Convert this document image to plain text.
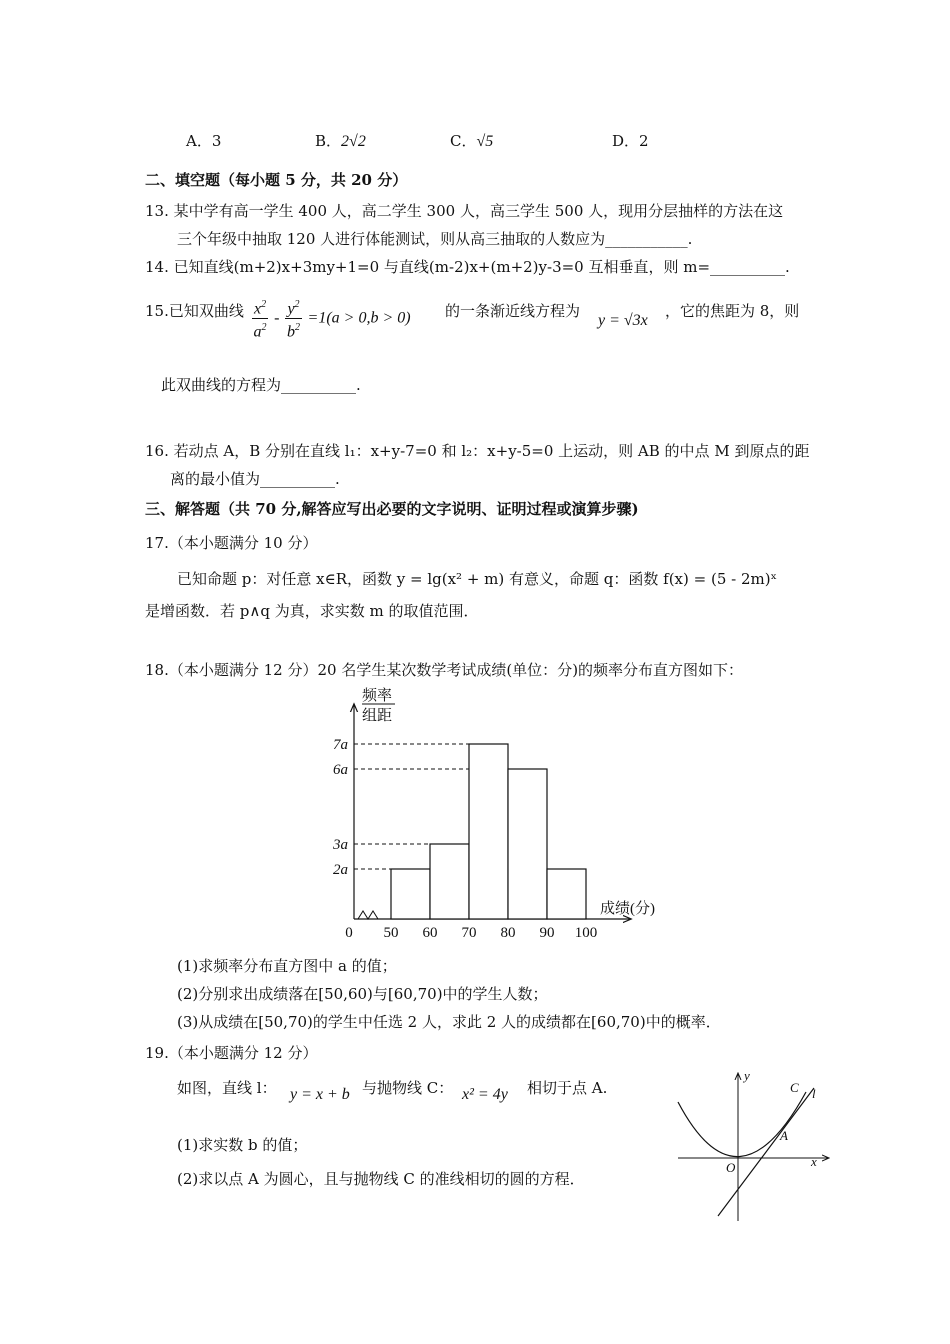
A．3	B．2√2	C．√5	D．2
二、填空题（每小题 5 分，共 20 分）
13. 某中学有高一学生 400 人，高二学生 300 人，高三学生 500 人，现用分层抽样的方法在这
三个年级中抽取 120 人进行体能测试，则从高三抽取的人数应为___________.
14. 已知直线(m+2)x+3my+1=0 与直线(m-2)x+(m+2)y-3=0 互相垂直，则 m=__________.
15.已知双曲线 $\frac{x^2}{a^2} - \frac{y^2}{b^2} =1(a > 0,b > 0)$ 的一条渐近线方程为
y = √3x
，它的焦距为 8，则
此双曲线的方程为__________.
16. 若动点 A，B 分别在直线 l₁：x+y-7=0 和 l₂：x+y-5=0 上运动，则 AB 的中点 M 到原点的距
离的最小值为__________.
三、解答题（共 70 分,解答应写出必要的文字说明、证明过程或演算步骤)
17.（本小题满分 10 分）
已知命题 p：对任意 x∈R，函数 y = lg(x² + m) 有意义，命题 q：函数 f(x) = (5 - 2m)ˣ
是增函数．若 p∧q 为真，求实数 m 的取值范围．
18.（本小题满分 12 分）20 名学生某次数学考试成绩(单位：分)的频率分布直方图如下：
频率
组距
成绩(分)
2a
3a
6a
7a
0 50 60 70 80 90 100
(1)求频率分布直方图中 a 的值；
(2)分别求出成绩落在[50,60)与[60,70)中的学生人数；
(3)从成绩在[50,70)的学生中任选 2 人，求此 2 人的成绩都在[60,70)中的概率．
19.（本小题满分 12 分）
如图，直线 l： y = x + b 与抛物线 C： x² = 4y 相切于点 A.
(1)求实数 b 的值；
(2)求以点 A 为圆心，且与抛物线 C 的准线相切的圆的方程．
y
x
O
A
C l
